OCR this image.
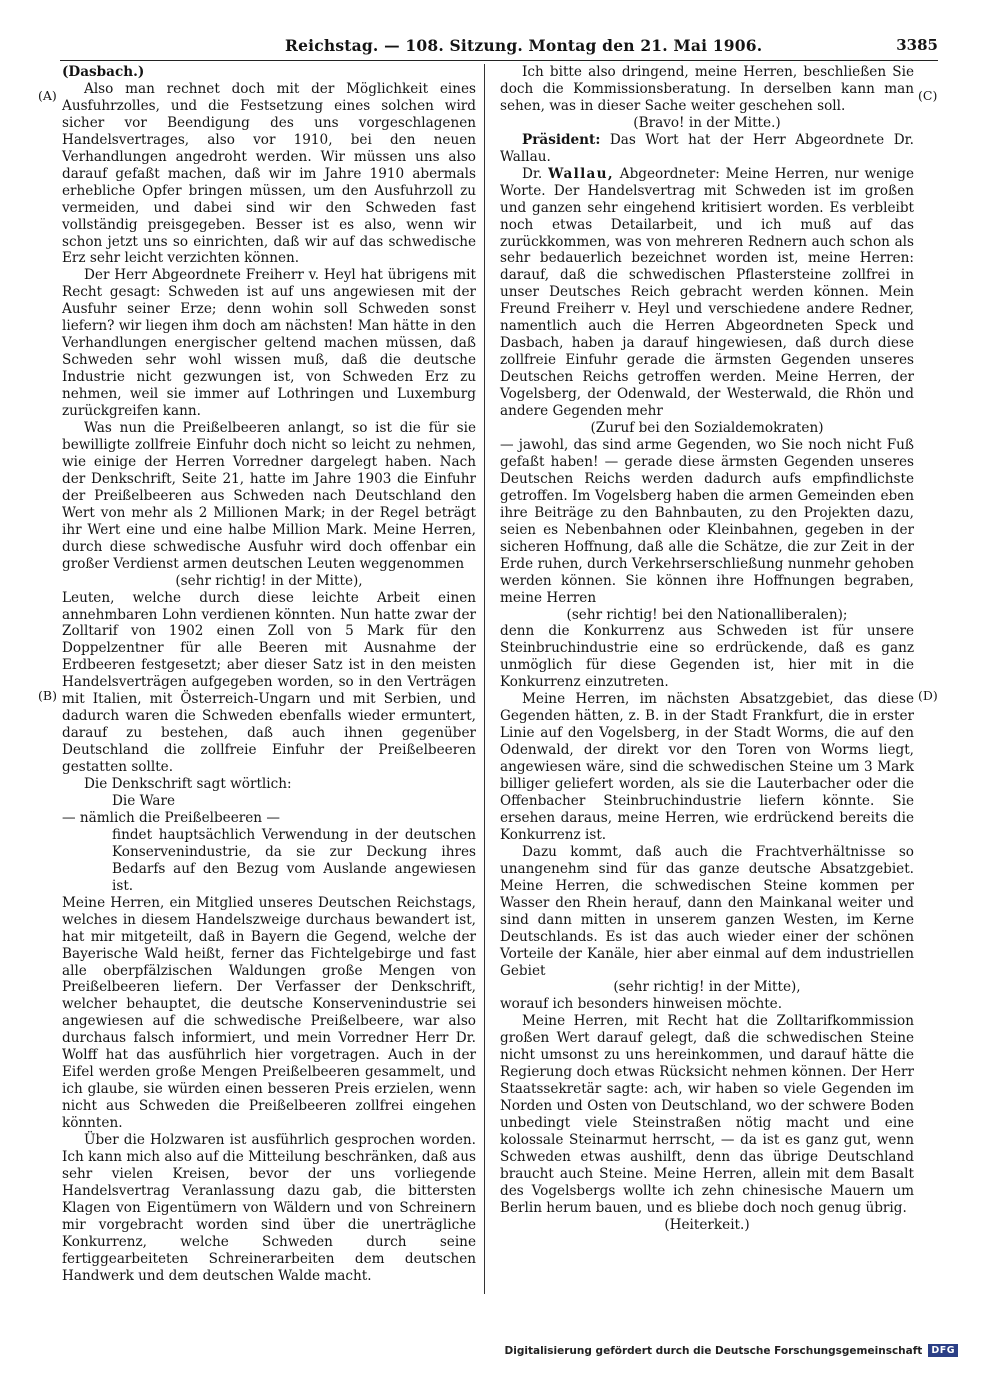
Reichstag. — 108. Sitzung. Montag den 21. Mai 1906.	3385
(A)
(B)
(C)
(D)

(Dasbach.)

Also man rechnet doch mit der Möglichkeit eines Ausfuhrzolles, und die Festsetzung eines solchen wird sicher vor Beendigung des uns vorgeschlagenen Handelsvertrages, also vor 1910, bei den neuen Verhandlungen angedroht werden. Wir müssen uns also darauf gefaßt machen, daß wir im Jahre 1910 abermals erhebliche Opfer bringen müssen, um den Ausfuhrzoll zu vermeiden, und dabei sind wir den Schweden fast vollständig preisgegeben. Besser ist es also, wenn wir schon jetzt uns so einrichten, daß wir auf das schwedische Erz sehr leicht verzichten können.

Der Herr Abgeordnete Freiherr v. Heyl hat übrigens mit Recht gesagt: Schweden ist auf uns angewiesen mit der Ausfuhr seiner Erze; denn wohin soll Schweden sonst liefern? wir liegen ihm doch am nächsten! Man hätte in den Verhandlungen energischer geltend machen müssen, daß Schweden sehr wohl wissen muß, daß die deutsche Industrie nicht gezwungen ist, von Schweden Erz zu nehmen, weil sie immer auf Lothringen und Luxemburg zurückgreifen kann.

Was nun die Preißelbeeren anlangt, so ist die für sie bewilligte zollfreie Einfuhr doch nicht so leicht zu nehmen, wie einige der Herren Vorredner dargelegt haben. Nach der Denkschrift, Seite 21, hatte im Jahre 1903 die Einfuhr der Preißelbeeren aus Schweden nach Deutschland den Wert von mehr als 2 Millionen Mark; in der Regel beträgt ihr Wert eine und eine halbe Million Mark. Meine Herren, durch diese schwedische Ausfuhr wird doch offenbar ein großer Verdienst armen deutschen Leuten weggenommen

(sehr richtig! in der Mitte),

Leuten, welche durch diese leichte Arbeit einen annehmbaren Lohn verdienen könnten. Nun hatte zwar der Zolltarif von 1902 einen Zoll von 5 Mark für den Doppelzentner für alle Beeren mit Ausnahme der Erdbeeren festgesetzt; aber dieser Satz ist in den meisten Handelsverträgen aufgegeben worden, so in den Verträgen mit Italien, mit Österreich-Ungarn und mit Serbien, und dadurch waren die Schweden ebenfalls wieder ermuntert, darauf zu bestehen, daß auch ihnen gegenüber Deutschland die zollfreie Einfuhr der Preißelbeeren gestatten sollte.

Die Denkschrift sagt wörtlich:

Die Ware

— nämlich die Preißelbeeren —

findet hauptsächlich Verwendung in der deutschen Konservenindustrie, da sie zur Deckung ihres Bedarfs auf den Bezug vom Auslande angewiesen ist.

Meine Herren, ein Mitglied unseres Deutschen Reichstags, welches in diesem Handelszweige durchaus bewandert ist, hat mir mitgeteilt, daß in Bayern die Gegend, welche der Bayerische Wald heißt, ferner das Fichtelgebirge und fast alle oberpfälzischen Waldungen große Mengen von Preißelbeeren liefern. Der Verfasser der Denkschrift, welcher behauptet, die deutsche Konservenindustrie sei angewiesen auf die schwedische Preißelbeere, war also durchaus falsch informiert, und mein Vorredner Herr Dr. Wolff hat das ausführlich hier vorgetragen. Auch in der Eifel werden große Mengen Preißelbeeren gesammelt, und ich glaube, sie würden einen besseren Preis erzielen, wenn nicht aus Schweden die Preißelbeeren zollfrei eingehen könnten.

Über die Holzwaren ist ausführlich gesprochen worden. Ich kann mich also auf die Mitteilung beschränken, daß aus sehr vielen Kreisen, bevor der uns vorliegende Handelsvertrag Veranlassung dazu gab, die bittersten Klagen von Eigentümern von Wäldern und von Schreinern mir vorgebracht worden sind über die unerträgliche Konkurrenz, welche Schweden durch seine fertiggearbeiteten Schreinerarbeiten dem deutschen Handwerk und dem deutschen Walde macht.

Ich bitte also dringend, meine Herren, beschließen Sie doch die Kommissionsberatung. In derselben kann man sehen, was in dieser Sache weiter geschehen soll.

(Bravo! in der Mitte.)

Präsident: Das Wort hat der Herr Abgeordnete Dr. Wallau.

Dr. Wallau, Abgeordneter: Meine Herren, nur wenige Worte. Der Handelsvertrag mit Schweden ist im großen und ganzen sehr eingehend kritisiert worden. Es verbleibt noch etwas Detailarbeit, und ich muß auf das zurückkommen, was von mehreren Rednern auch schon als sehr bedauerlich bezeichnet worden ist, meine Herren: darauf, daß die schwedischen Pflastersteine zollfrei in unser Deutsches Reich gebracht werden können. Mein Freund Freiherr v. Heyl und verschiedene andere Redner, namentlich auch die Herren Abgeordneten Speck und Dasbach, haben ja darauf hingewiesen, daß durch diese zollfreie Einfuhr gerade die ärmsten Gegenden unseres Deutschen Reichs getroffen werden. Meine Herren, der Vogelsberg, der Odenwald, der Westerwald, die Rhön und andere Gegenden mehr

(Zuruf bei den Sozialdemokraten)

— jawohl, das sind arme Gegenden, wo Sie noch nicht Fuß gefaßt haben! — gerade diese ärmsten Gegenden unseres Deutschen Reichs werden dadurch aufs empfindlichste getroffen. Im Vogelsberg haben die armen Gemeinden eben ihre Beiträge zu den Bahnbauten, zu den Projekten dazu, seien es Nebenbahnen oder Kleinbahnen, gegeben in der sicheren Hoffnung, daß alle die Schätze, die zur Zeit in der Erde ruhen, durch Verkehrserschließung nunmehr gehoben werden können. Sie können ihre Hoffnungen begraben, meine Herren

(sehr richtig! bei den Nationalliberalen);

denn die Konkurrenz aus Schweden ist für unsere Steinbruchindustrie eine so erdrückende, daß es ganz unmöglich für diese Gegenden ist, hier mit in die Konkurrenz einzutreten.

Meine Herren, im nächsten Absatzgebiet, das diese Gegenden hätten, z. B. in der Stadt Frankfurt, die in erster Linie auf den Vogelsberg, in der Stadt Worms, die auf den Odenwald, der direkt vor den Toren von Worms liegt, angewiesen wäre, sind die schwedischen Steine um 3 Mark billiger geliefert worden, als sie die Lauterbacher oder die Offenbacher Steinbruchindustrie liefern könnte. Sie ersehen daraus, meine Herren, wie erdrückend bereits die Konkurrenz ist.

Dazu kommt, daß auch die Frachtverhältnisse so unangenehm sind für das ganze deutsche Absatzgebiet. Meine Herren, die schwedischen Steine kommen per Wasser den Rhein herauf, dann den Mainkanal weiter und sind dann mitten in unserem ganzen Westen, im Kerne Deutschlands. Es ist das auch wieder einer der schönen Vorteile der Kanäle, hier aber einmal auf dem industriellen Gebiet

(sehr richtig! in der Mitte),

worauf ich besonders hinweisen möchte.

Meine Herren, mit Recht hat die Zolltarifkommission großen Wert darauf gelegt, daß die schwedischen Steine nicht umsonst zu uns hereinkommen, und darauf hätte die Regierung doch etwas Rücksicht nehmen können. Der Herr Staatssekretär sagte: ach, wir haben so viele Gegenden im Norden und Osten von Deutschland, wo der schwere Boden unbedingt viele Steinstraßen nötig macht und eine kolossale Steinarmut herrscht, — da ist es ganz gut, wenn Schweden etwas aushilft, denn das übrige Deutschland braucht auch Steine. Meine Herren, allein mit dem Basalt des Vogelsbergs wollte ich zehn chinesische Mauern um Berlin herum bauen, und es bliebe doch noch genug übrig.

(Heiterkeit.)

Digitalisierung gefördert durch die Deutsche Forschungsgemeinschaft DFG
